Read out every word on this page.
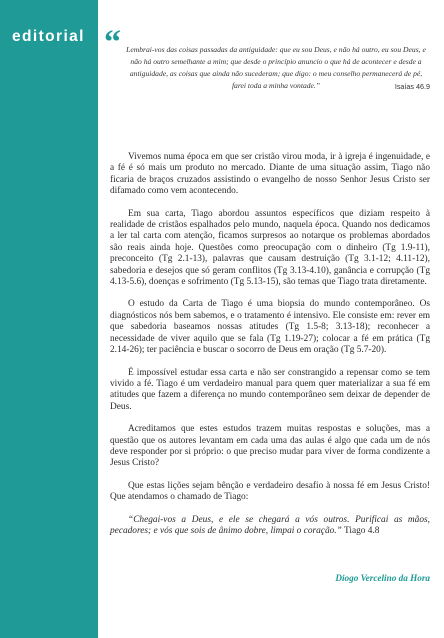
editorial “ Lembrai-vos das coisas passadas da antiguidade: que eu sou Deus, e não há outro, eu sou Deus, e não há outro semelhante a mim; que desde o princípio anuncio o que há de acontecer e desde a antiguidade, as coisas que ainda não sucederam; que digo: o meu conselho permanecerá de pé, farei toda a minha vontade.”	Isaías 46.9

Vivemos numa época em que ser cristão virou moda, ir à igreja é ingenuidade, e a fé é só mais um produto no mercado. Diante de uma situação assim, Tiago não ficaria de braços cruzados assistindo o evangelho de nosso Senhor Jesus Cristo ser difamado como vem acontecendo.

Em sua carta, Tiago abordou assuntos específicos que diziam respeito à realidade de cristãos espalhados pelo mundo, naquela época. Quando nos dedicamos a ler tal carta com atenção, ficamos surpresos ao notarque os problemas abordados são reais ainda hoje. Questões como preocupação com o dinheiro (Tg 1.9-11), preconceito (Tg 2.1-13), palavras que causam destruição (Tg 3.1-12; 4.11-12), sabedoria e desejos que só geram conflitos (Tg 3.13-4.10), ganância e corrupção (Tg 4.13-5.6), doenças e sofrimento (Tg 5.13-15), são temas que Tiago trata diretamente.

O estudo da Carta de Tiago é uma biopsia do mundo contemporâneo. Os diagnósticos nós bem sabemos, e o tratamento é intensivo. Ele consiste em: rever em que sabedoria baseamos nossas atitudes (Tg 1.5-8; 3.13-18); reconhecer a necessidade de viver aquilo que se fala (Tg 1.19-27); colocar a fé em prática (Tg 2.14-26); ter paciência e buscar o socorro de Deus em oração (Tg 5.7-20).

É impossível estudar essa carta e não ser constrangido a repensar como se tem vivido a fé. Tiago é um verdadeiro manual para quem quer materializar a sua fé em atitudes que fazem a diferença no mundo contemporâneo sem deixar de depender de Deus.

Acreditamos que estes estudos trazem muitas respostas e soluções, mas a questão que os autores levantam em cada uma das aulas é algo que cada um de nós deve responder por si próprio: o que preciso mudar para viver de forma condizente a Jesus Cristo?

Que estas lições sejam bênção e verdadeiro desafio à nossa fé em Jesus Cristo! Que atendamos o chamado de Tiago:

“Chegai-vos a Deus, e ele se chegará a vós outros. Purificai as mãos, pecadores; e vós que sois de ânimo dobre, limpai o coração.” Tiago 4.8

Diogo Vercelino da Hora
